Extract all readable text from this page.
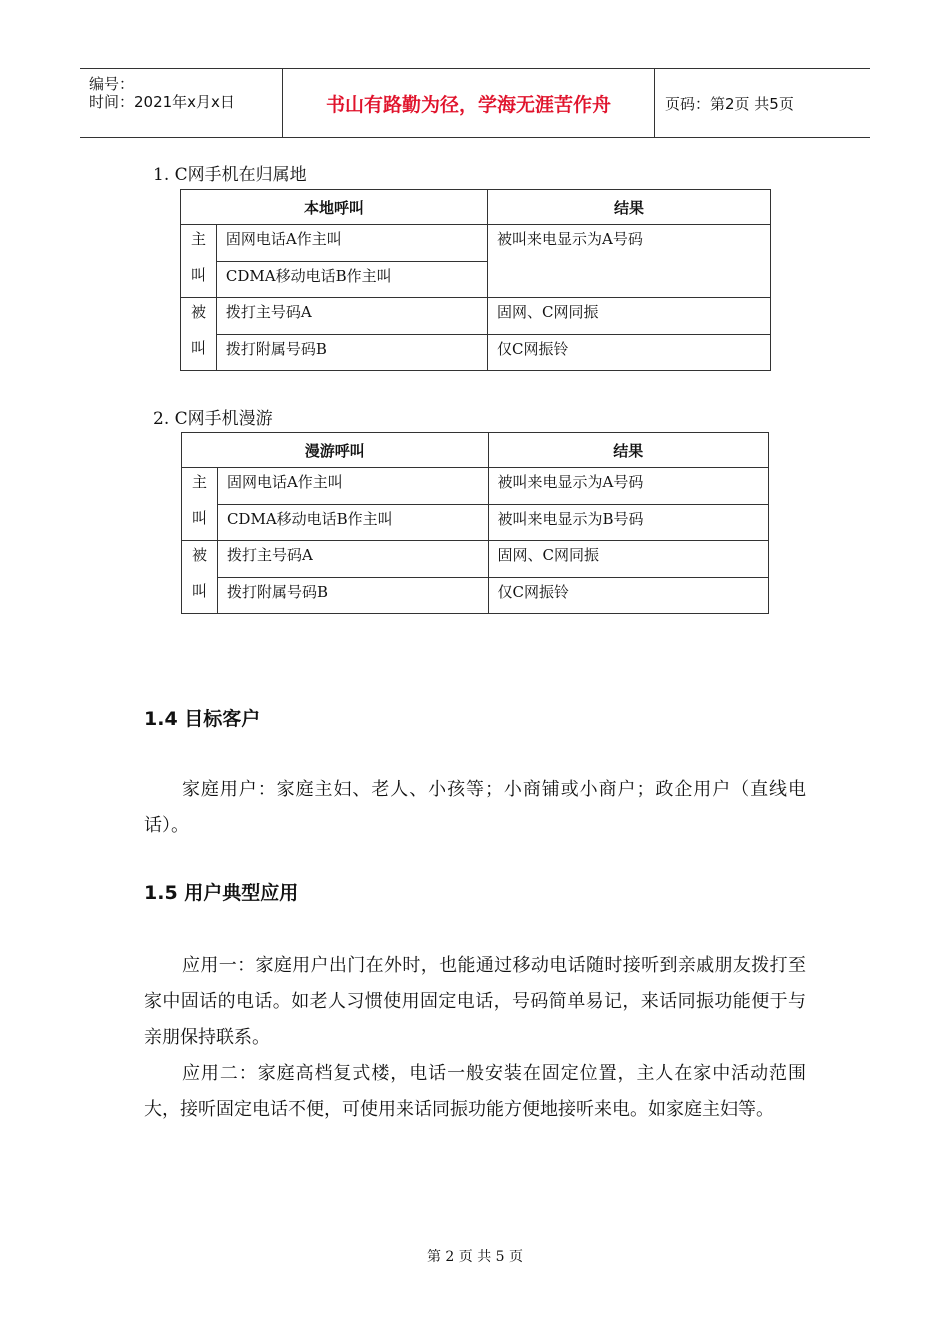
编号：
时间：2021年x月x日	书山有路勤为径，学海无涯苦作舟	页码：第2页 共5页
1. C网手机在归属地
本地呼叫		结果

主
叫	固网电话A作主叫	被叫来电显示为A号码
	CDMA移动电话B作主叫	

被
叫	拨打主号码A	固网、C网同振
	拨打附属号码B	仅C网振铃
2. C网手机漫游
漫游呼叫		结果

主
叫	固网电话A作主叫	被叫来电显示为A号码
	CDMA移动电话B作主叫	被叫来电显示为B号码

被
叫	拨打主号码A	固网、C网同振
	拨打附属号码B	仅C网振铃
1.4 目标客户

家庭用户：家庭主妇、老人、小孩等；小商铺或小商户；政企用户（直线电话）。

1.5 用户典型应用

应用一：家庭用户出门在外时，也能通过移动电话随时接听到亲戚朋友拨打至家中固话的电话。如老人习惯使用固定电话，号码简单易记，来话同振功能便于与亲朋保持联系。

应用二：家庭高档复式楼，电话一般安装在固定位置，主人在家中活动范围大，接听固定电话不便，可使用来话同振功能方便地接听来电。如家庭主妇等。

第 2 页 共 5 页
